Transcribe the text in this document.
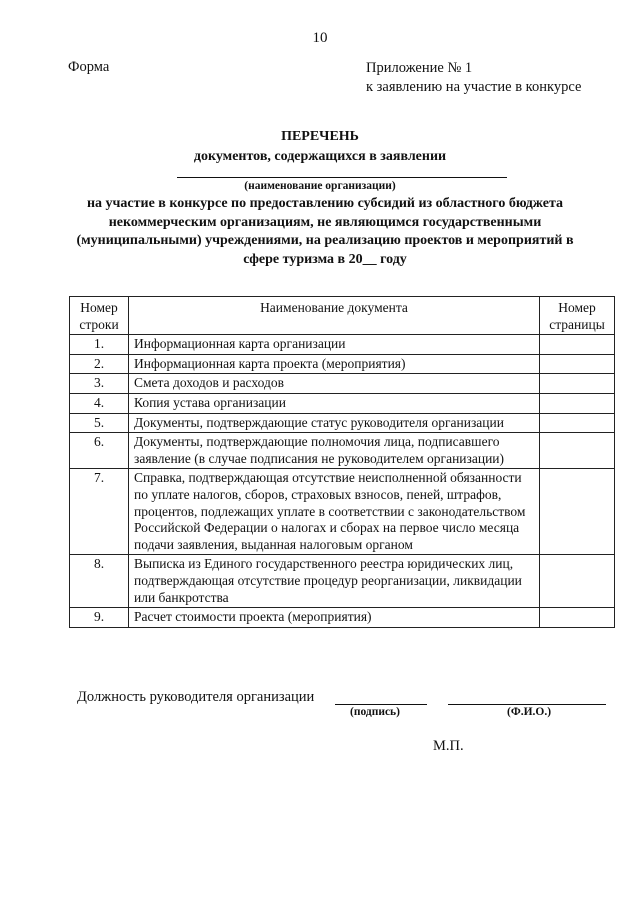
10
Форма	Приложение № 1
к заявлению на участие в конкурсе
ПЕРЕЧЕНЬ
документов, содержащихся в заявлении
(наименование организации)
на участие в конкурсе по предоставлению субсидий из областного бюджета некоммерческим организациям, не являющимся государственными (муниципальными) учреждениями, на реализацию проектов и мероприятий в сфере туризма в 20__ году
Номер строки	Наименование документа	Номер страницы
1.	Информационная карта организации	
2.	Информационная карта проекта (мероприятия)	
3.	Смета доходов и расходов	
4.	Копия устава организации	
5.	Документы, подтверждающие статус руководителя организации	
6.	Документы, подтверждающие полномочия лица, подписавшего заявление (в случае подписания не руководителем организации)	
7.	Справка, подтверждающая отсутствие неисполненной обязанности по уплате налогов, сборов, страховых взносов, пеней, штрафов, процентов, подлежащих уплате в соответствии с законодательством Российской Федерации о налогах и сборах на первое число месяца подачи заявления, выданная налоговым органом	
8.	Выписка из Единого государственного реестра юридических лиц, подтверждающая отсутствие процедур реорганизации, ликвидации или банкротства	
9.	Расчет стоимости проекта (мероприятия)	
Должность руководителя организации
(подпись)	(Ф.И.О.)
М.П.
